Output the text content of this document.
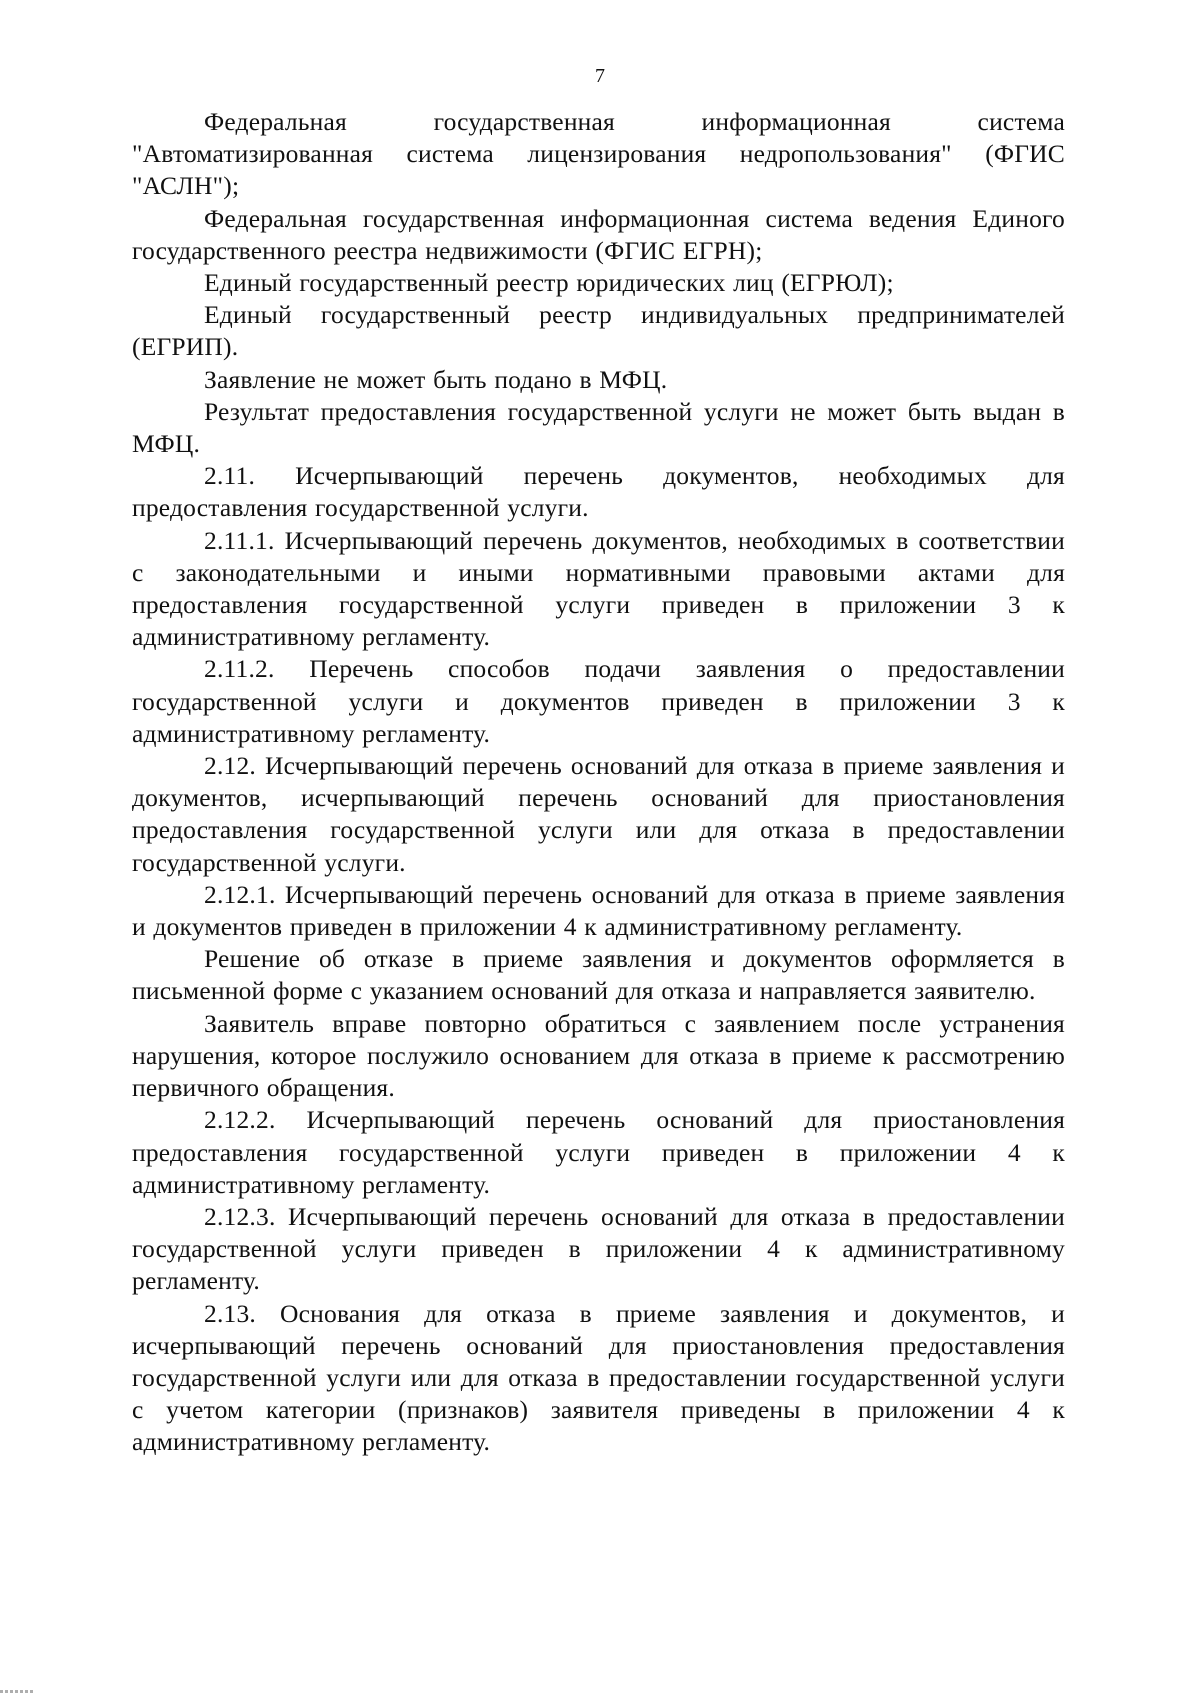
7

Федеральная государственная информационная система "Автоматизированная система лицензирования недропользования" (ФГИС "АСЛН");

Федеральная государственная информационная система ведения Единого государственного реестра недвижимости (ФГИС ЕГРН);

Единый государственный реестр юридических лиц (ЕГРЮЛ);

Единый государственный реестр индивидуальных предпринимателей (ЕГРИП).

Заявление не может быть подано в МФЦ.

Результат предоставления государственной услуги не может быть выдан в МФЦ.

2.11. Исчерпывающий перечень документов, необходимых для предоставления государственной услуги.

2.11.1. Исчерпывающий перечень документов, необходимых в соответствии с законодательными и иными нормативными правовыми актами для предоставления государственной услуги приведен в приложении 3 к административному регламенту.

2.11.2. Перечень способов подачи заявления о предоставлении государственной услуги и документов приведен в приложении 3 к административному регламенту.

2.12. Исчерпывающий перечень оснований для отказа в приеме заявления и документов, исчерпывающий перечень оснований для приостановления предоставления государственной услуги или для отказа в предоставлении государственной услуги.

2.12.1. Исчерпывающий перечень оснований для отказа в приеме заявления и документов приведен в приложении 4 к административному регламенту.

Решение об отказе в приеме заявления и документов оформляется в письменной форме с указанием оснований для отказа и направляется заявителю.

Заявитель вправе повторно обратиться с заявлением после устранения нарушения, которое послужило основанием для отказа в приеме к рассмотрению первичного обращения.

2.12.2. Исчерпывающий перечень оснований для приостановления предоставления государственной услуги приведен в приложении 4 к административному регламенту.

2.12.3. Исчерпывающий перечень оснований для отказа в предоставлении государственной услуги приведен в приложении 4 к административному регламенту.

2.13. Основания для отказа в приеме заявления и документов, и исчерпывающий перечень оснований для приостановления предоставления государственной услуги или для отказа в предоставлении государственной услуги с учетом категории (признаков) заявителя приведены в приложении 4 к административному регламенту.
